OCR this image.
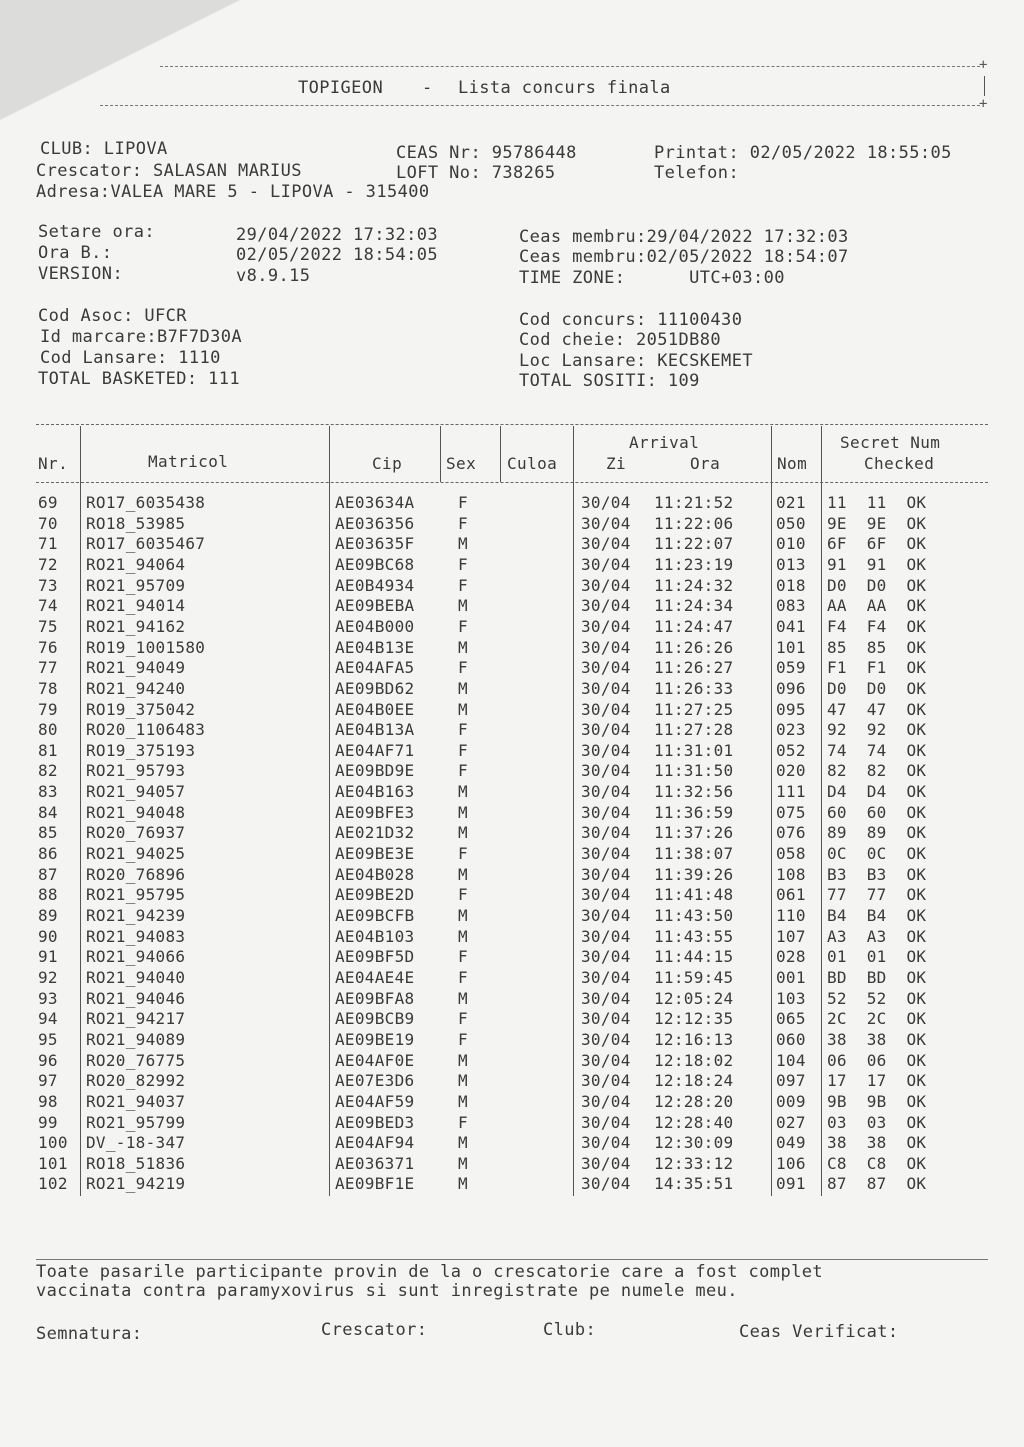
+
TOPIGEON - Lista concurs finala
+
CLUB: LIPOVA
Crescator: SALASAN MARIUS
Adresa:VALEA MARE 5 - LIPOVA - 315400
CEAS Nr: 95786448
LOFT No: 738265
Printat: 02/05/2022 18:55:05
Telefon:
Setare ora:	29/04/2022 17:32:03
Ora B.:	02/05/2022 18:54:05
VERSION:	v8.9.15
Ceas membru:29/04/2022 17:32:03
Ceas membru:02/05/2022 18:54:07
TIME ZONE:      UTC+03:00
Cod Asoc: UFCR
Id marcare:B7F7D30A
Cod Lansare: 1110
TOTAL BASKETED: 111
Cod concurs: 11100430
Cod cheie: 2051DB80
Loc Lansare: KECSKEMET
TOTAL SOSITI: 109
Nr.	Matricol	Cip	Sex Culoa
Arrival
Zi	Ora	Nom
Secret Num
Checked
69 RO17_6035438	AE03634A	F	30/04 11:21:52	021 11  11  OK
70 RO18_53985	AE036356	F	30/04 11:22:06	050 9E  9E  OK
71 RO17_6035467	AE03635F	M	30/04 11:22:07	010 6F  6F  OK
72 RO21_94064	AE09BC68	F	30/04 11:23:19	013 91  91  OK
73 RO21_95709	AE0B4934	F	30/04 11:24:32	018 D0  D0  OK
74 RO21_94014	AE09BEBA	M	30/04 11:24:34	083 AA  AA  OK
75 RO21_94162	AE04B000	F	30/04 11:24:47	041 F4  F4  OK
76 RO19_1001580	AE04B13E	M	30/04 11:26:26	101 85  85  OK
77 RO21_94049	AE04AFA5	F	30/04 11:26:27	059 F1  F1  OK
78 RO21_94240	AE09BD62	M	30/04 11:26:33	096 D0  D0  OK
79 RO19_375042	AE04B0EE	M	30/04 11:27:25	095 47  47  OK
80 RO20_1106483	AE04B13A	F	30/04 11:27:28	023 92  92  OK
81 RO19_375193	AE04AF71	F	30/04 11:31:01	052 74  74  OK
82 RO21_95793	AE09BD9E	F	30/04 11:31:50	020 82  82  OK
83 RO21_94057	AE04B163	M	30/04 11:32:56	111 D4  D4  OK
84 RO21_94048	AE09BFE3	M	30/04 11:36:59	075 60  60  OK
85 RO20_76937	AE021D32	M	30/04 11:37:26	076 89  89  OK
86 RO21_94025	AE09BE3E	F	30/04 11:38:07	058 0C  0C  OK
87 RO20_76896	AE04B028	M	30/04 11:39:26	108 B3  B3  OK
88 RO21_95795	AE09BE2D	F	30/04 11:41:48	061 77  77  OK
89 RO21_94239	AE09BCFB	M	30/04 11:43:50	110 B4  B4  OK
90 RO21_94083	AE04B103	M	30/04 11:43:55	107 A3  A3  OK
91 RO21_94066	AE09BF5D	F	30/04 11:44:15	028 01  01  OK
92 RO21_94040	AE04AE4E	F	30/04 11:59:45	001 BD  BD  OK
93 RO21_94046	AE09BFA8	M	30/04 12:05:24	103 52  52  OK
94 RO21_94217	AE09BCB9	F	30/04 12:12:35	065 2C  2C  OK
95 RO21_94089	AE09BE19	F	30/04 12:16:13	060 38  38  OK
96 RO20_76775	AE04AF0E	M	30/04 12:18:02	104 06  06  OK
97 RO20_82992	AE07E3D6	M	30/04 12:18:24	097 17  17  OK
98 RO21_94037	AE04AF59	M	30/04 12:28:20	009 9B  9B  OK
99 RO21_95799	AE09BED3	F	30/04 12:28:40	027 03  03  OK
100 DV_-18-347	AE04AF94	M	30/04 12:30:09	049 38  38  OK
101 RO18_51836	AE036371	M	30/04 12:33:12	106 C8  C8  OK
102 RO21_94219	AE09BF1E	M	30/04 14:35:51	091 87  87  OK
Toate pasarile participante provin de la o crescatorie care a fost complet
vaccinata contra paramyxovirus si sunt inregistrate pe numele meu.
Semnatura:	Crescator:	Club:	Ceas Verificat:
